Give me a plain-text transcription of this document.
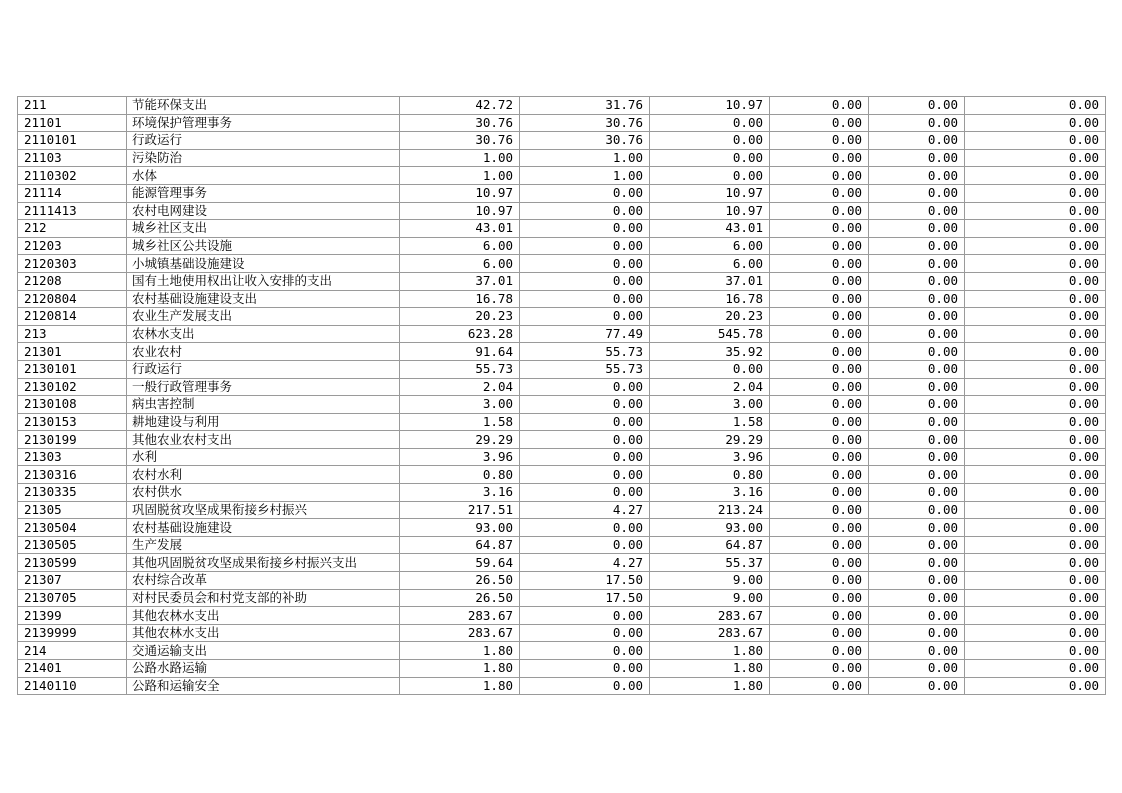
211	节能环保支出	42.72	31.76	10.97	0.00	0.00	0.00
21101	环境保护管理事务	30.76	30.76	0.00	0.00	0.00	0.00
2110101	行政运行	30.76	30.76	0.00	0.00	0.00	0.00
21103	污染防治	1.00	1.00	0.00	0.00	0.00	0.00
2110302	水体	1.00	1.00	0.00	0.00	0.00	0.00
21114	能源管理事务	10.97	0.00	10.97	0.00	0.00	0.00
2111413	农村电网建设	10.97	0.00	10.97	0.00	0.00	0.00
212	城乡社区支出	43.01	0.00	43.01	0.00	0.00	0.00
21203	城乡社区公共设施	6.00	0.00	6.00	0.00	0.00	0.00
2120303	小城镇基础设施建设	6.00	0.00	6.00	0.00	0.00	0.00
21208	国有土地使用权出让收入安排的支出	37.01	0.00	37.01	0.00	0.00	0.00
2120804	农村基础设施建设支出	16.78	0.00	16.78	0.00	0.00	0.00
2120814	农业生产发展支出	20.23	0.00	20.23	0.00	0.00	0.00
213	农林水支出	623.28	77.49	545.78	0.00	0.00	0.00
21301	农业农村	91.64	55.73	35.92	0.00	0.00	0.00
2130101	行政运行	55.73	55.73	0.00	0.00	0.00	0.00
2130102	一般行政管理事务	2.04	0.00	2.04	0.00	0.00	0.00
2130108	病虫害控制	3.00	0.00	3.00	0.00	0.00	0.00
2130153	耕地建设与利用	1.58	0.00	1.58	0.00	0.00	0.00
2130199	其他农业农村支出	29.29	0.00	29.29	0.00	0.00	0.00
21303	水利	3.96	0.00	3.96	0.00	0.00	0.00
2130316	农村水利	0.80	0.00	0.80	0.00	0.00	0.00
2130335	农村供水	3.16	0.00	3.16	0.00	0.00	0.00
21305	巩固脱贫攻坚成果衔接乡村振兴	217.51	4.27	213.24	0.00	0.00	0.00
2130504	农村基础设施建设	93.00	0.00	93.00	0.00	0.00	0.00
2130505	生产发展	64.87	0.00	64.87	0.00	0.00	0.00
2130599	其他巩固脱贫攻坚成果衔接乡村振兴支出	59.64	4.27	55.37	0.00	0.00	0.00
21307	农村综合改革	26.50	17.50	9.00	0.00	0.00	0.00
2130705	对村民委员会和村党支部的补助	26.50	17.50	9.00	0.00	0.00	0.00
21399	其他农林水支出	283.67	0.00	283.67	0.00	0.00	0.00
2139999	其他农林水支出	283.67	0.00	283.67	0.00	0.00	0.00
214	交通运输支出	1.80	0.00	1.80	0.00	0.00	0.00
21401	公路水路运输	1.80	0.00	1.80	0.00	0.00	0.00
2140110	公路和运输安全	1.80	0.00	1.80	0.00	0.00	0.00
